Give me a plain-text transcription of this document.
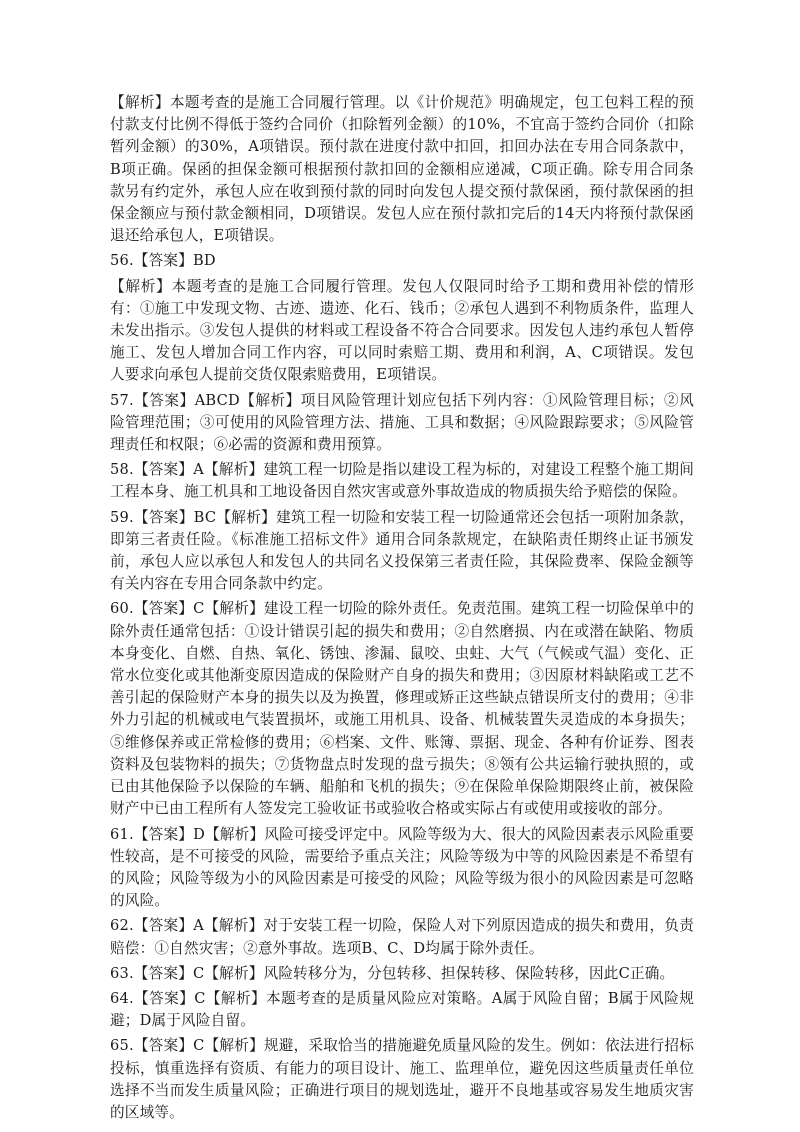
【解析】本题考查的是施工合同履行管理。以《计价规范》明确规定，包工包料工程的预付款支付比例不得低于签约合同价（扣除暂列金额）的10%，不宜高于签约合同价（扣除暂列金额）的30%，A项错误。预付款在进度付款中扣回，扣回办法在专用合同条款中，B项正确。保函的担保金额可根据预付款扣回的金额相应递减，C项正确。除专用合同条款另有约定外，承包人应在收到预付款的同时向发包人提交预付款保函，预付款保函的担保金额应与预付款金额相同，D项错误。发包人应在预付款扣完后的14天内将预付款保函退还给承包人，E项错误。

56.【答案】BD

【解析】本题考查的是施工合同履行管理。发包人仅限同时给予工期和费用补偿的情形有：①施工中发现文物、古迹、遗迹、化石、钱币；②承包人遇到不利物质条件，监理人未发出指示。③发包人提供的材料或工程设备不符合合同要求。因发包人违约承包人暂停施工、发包人增加合同工作内容，可以同时索赔工期、费用和利润，A、C项错误。发包人要求向承包人提前交货仅限索赔费用，E项错误。

57.【答案】ABCD【解析】项目风险管理计划应包括下列内容：①风险管理目标；②风险管理范围；③可使用的风险管理方法、措施、工具和数据；④风险跟踪要求；⑤风险管理责任和权限；⑥必需的资源和费用预算。

58.【答案】A【解析】建筑工程一切险是指以建设工程为标的，对建设工程整个施工期间工程本身、施工机具和工地设备因自然灾害或意外事故造成的物质损失给予赔偿的保险。

59.【答案】BC【解析】建筑工程一切险和安装工程一切险通常还会包括一项附加条款，即第三者责任险。《标准施工招标文件》通用合同条款规定，在缺陷责任期终止证书颁发前，承包人应以承包人和发包人的共同名义投保第三者责任险，其保险费率、保险金额等有关内容在专用合同条款中约定。

60.【答案】C【解析】建设工程一切险的除外责任。免责范围。建筑工程一切险保单中的除外责任通常包括：①设计错误引起的损失和费用；②自然磨损、内在或潜在缺陷、物质本身变化、自燃、自热、氧化、锈蚀、渗漏、鼠咬、虫蛀、大气（气候或气温）变化、正常水位变化或其他渐变原因造成的保险财产自身的损失和费用；③因原材料缺陷或工艺不善引起的保险财产本身的损失以及为换置，修理或矫正这些缺点错误所支付的费用；④非外力引起的机械或电气装置损坏，或施工用机具、设备、机械装置失灵造成的本身损失；⑤维修保养或正常检修的费用；⑥档案、文件、账簿、票据、现金、各种有价证券、图表资料及包装物料的损失；⑦货物盘点时发现的盘亏损失；⑧领有公共运输行驶执照的，或已由其他保险予以保险的车辆、船舶和飞机的损失；⑨在保险单保险期限终止前，被保险财产中已由工程所有人签发完工验收证书或验收合格或实际占有或使用或接收的部分。

61.【答案】D【解析】风险可接受评定中。风险等级为大、很大的风险因素表示风险重要性较高，是不可接受的风险，需要给予重点关注；风险等级为中等的风险因素是不希望有的风险；风险等级为小的风险因素是可接受的风险；风险等级为很小的风险因素是可忽略的风险。

62.【答案】A【解析】对于安装工程一切险，保险人对下列原因造成的损失和费用，负责赔偿：①自然灾害；②意外事故。选项B、C、D均属于除外责任。

63.【答案】C【解析】风险转移分为，分包转移、担保转移、保险转移，因此C正确。

64.【答案】C【解析】本题考查的是质量风险应对策略。A属于风险自留；B属于风险规避；D属于风险自留。

65.【答案】C【解析】规避，采取恰当的措施避免质量风险的发生。例如：依法进行招标投标，慎重选择有资质、有能力的项目设计、施工、监理单位，避免因这些质量责任单位选择不当而发生质量风险；正确进行项目的规划选址，避开不良地基或容易发生地质灾害的区域等。
